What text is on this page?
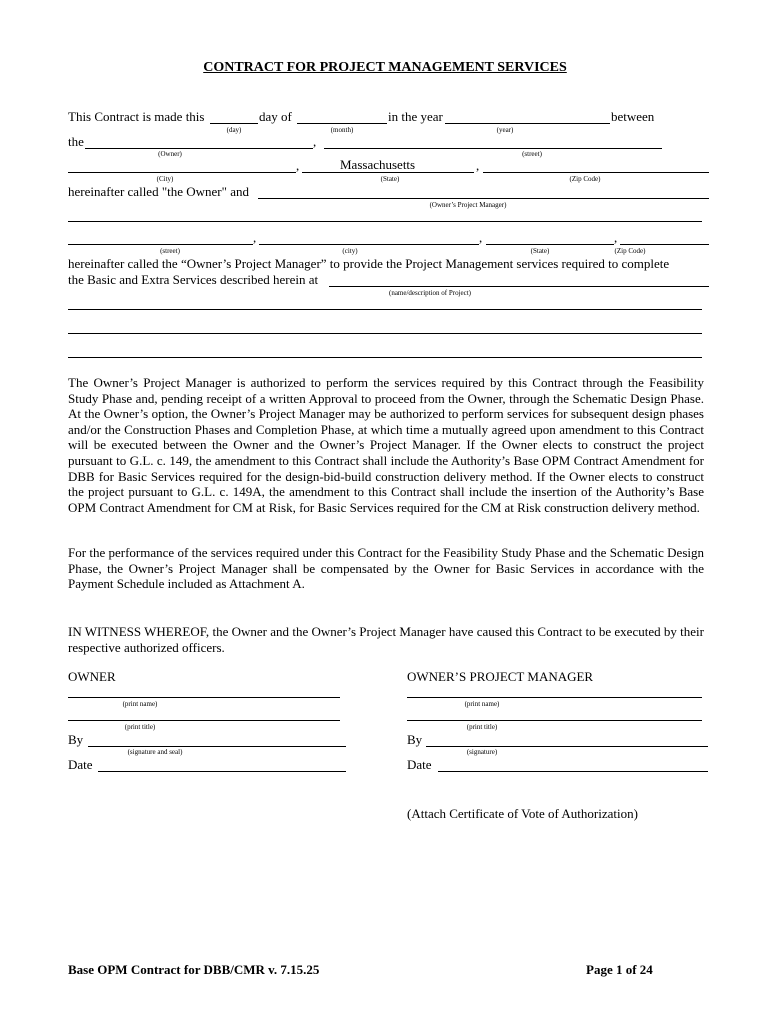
CONTRACT FOR PROJECT MANAGEMENT SERVICES
This Contract is made this	day of	in the year	between
(day)	(month)	(year)
the	,
(Owner)	(street)
,	Massachusetts	,
(City)	(State)	(Zip Code)
hereinafter called "the Owner" and
(Owner’s Project Manager)
,	,	,
(street)	(city)	(State)	(Zip Code)
hereinafter called the “Owner’s Project Manager” to provide the Project Management services required to complete
the Basic and Extra Services described herein at
(name/description of Project)
The Owner’s Project Manager is authorized to perform the services required by this Contract through the Feasibility Study Phase and, pending receipt of a written Approval to proceed from the Owner, through the Schematic Design Phase. At the Owner’s option, the Owner’s Project Manager may be authorized to perform services for subsequent design phases and/or the Construction Phases and Completion Phase, at which time a mutually agreed upon amendment to this Contract will be executed between the Owner and the Owner’s Project Manager. If the Owner elects to construct the project pursuant to G.L. c. 149, the amendment to this Contract shall include the Authority’s Base OPM Contract Amendment for DBB for Basic Services required for the design-bid-build construction delivery method. If the Owner elects to construct the project pursuant to G.L. c. 149A, the amendment to this Contract shall include the insertion of the Authority’s Base OPM Contract Amendment for CM at Risk, for Basic Services required for the CM at Risk construction delivery method.
For the performance of the services required under this Contract for the Feasibility Study Phase and the Schematic Design Phase, the Owner’s Project Manager shall be compensated by the Owner for Basic Services in accordance with the Payment Schedule included as Attachment A.
IN WITNESS WHEREOF, the Owner and the Owner’s Project Manager have caused this Contract to be executed by their respective authorized officers.
OWNER	OWNER’S PROJECT MANAGER
(print name)	(print name)
(print title)	(print title)
By
(signature and seal)
By
(signature)
Date	Date
(Attach Certificate of Vote of Authorization)
Base OPM Contract for DBB/CMR v. 7.15.25	Page 1 of 24
